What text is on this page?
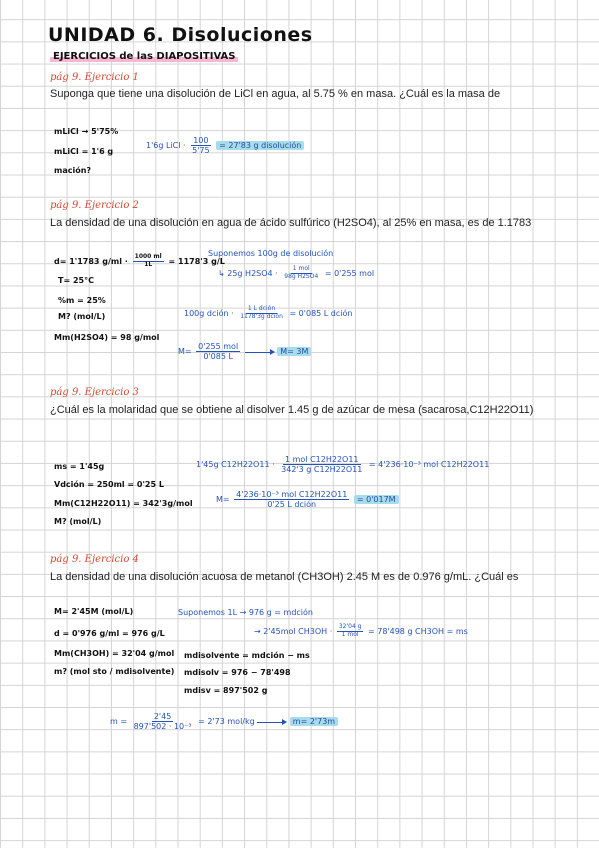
UNIDAD 6. Disoluciones
EJERCICIOS de las DIAPOSITIVAS
pág 9. Ejercicio 1
Suponga que tiene una disolución de LiCl en agua, al 5.75 % en masa. ¿Cuál es la masa de
mLiCl → 5'75%
mLiCl = 1'6 g
mación?
1'6g LiCl · $\frac{100}{5'75} = 27'83$ g disolución
pág 9. Ejercicio 2
La densidad de una disolución en agua de ácido sulfúrico (H2SO4), al 25% en masa, es de 1.1783
d= 1'1783 $g/ml \cdot \frac{1000 ml}{1L} = 1178'3$ g/L
T= 25°C
%m = 25%
M? (mol/L)
Mm(H2SO4) = 98 g/mol
Suponemos 100g de disolución
↳ 25g $H2SO4 \cdot \frac{\text{1 mol}}{\text{98g H2SO4}} = 0'255$ mol
100g dción · $\frac{\text{1 L dción}}{\text{1178'3g dción}} = 0'085$ L dción
$M= \frac{\text{0'255 mol}}{0'085 L}$	M= 3M
pág 9. Ejercicio 3
¿Cuál es la molaridad que se obtiene al disolver 1.45 g de azúcar de mesa (sacarosa,C12H22O11)
ms = 1'45g
Vdción = 250ml = 0'25 L
Mm(C12H22O11) = 342'3g/mol
M? (mol/L)
1'45g $C12H22O11 \cdot \frac{\text{1 mol C12H22O11}}{\text{342'3 g C12H22O11}} = 4'236\cdot 10^{-3}$ mol C12H22O11
$M= \frac{\text{4'236·10⁻³ mol C12H22O11}}{\text{0'25 L dción}} = 0'017M$
pág 9. Ejercicio 4
La densidad de una disolución acuosa de metanol (CH3OH) 2.45 M es de 0.976 g/mL. ¿Cuál es
M= 2'45M (mol/L)
d = 0'976 g/ml = 976 g/L
Mm(CH3OH) = 32'04 g/mol
m? (mol sto / mdisolvente)
Suponemos 1L → 976 g = mdción
→ 2'45mol $CH3OH \cdot \frac{32'04 g}{\text{1 mol}} = 78'498$ g CH3OH = ms
mdisolvente = mdción − ms
mdisolv = 976 − 78'498
mdisv = 897'502 g
$m = \frac{2'45}{\text{897'502 · 10⁻³}} = 2'73$ mol/kg	m= 2'73m
